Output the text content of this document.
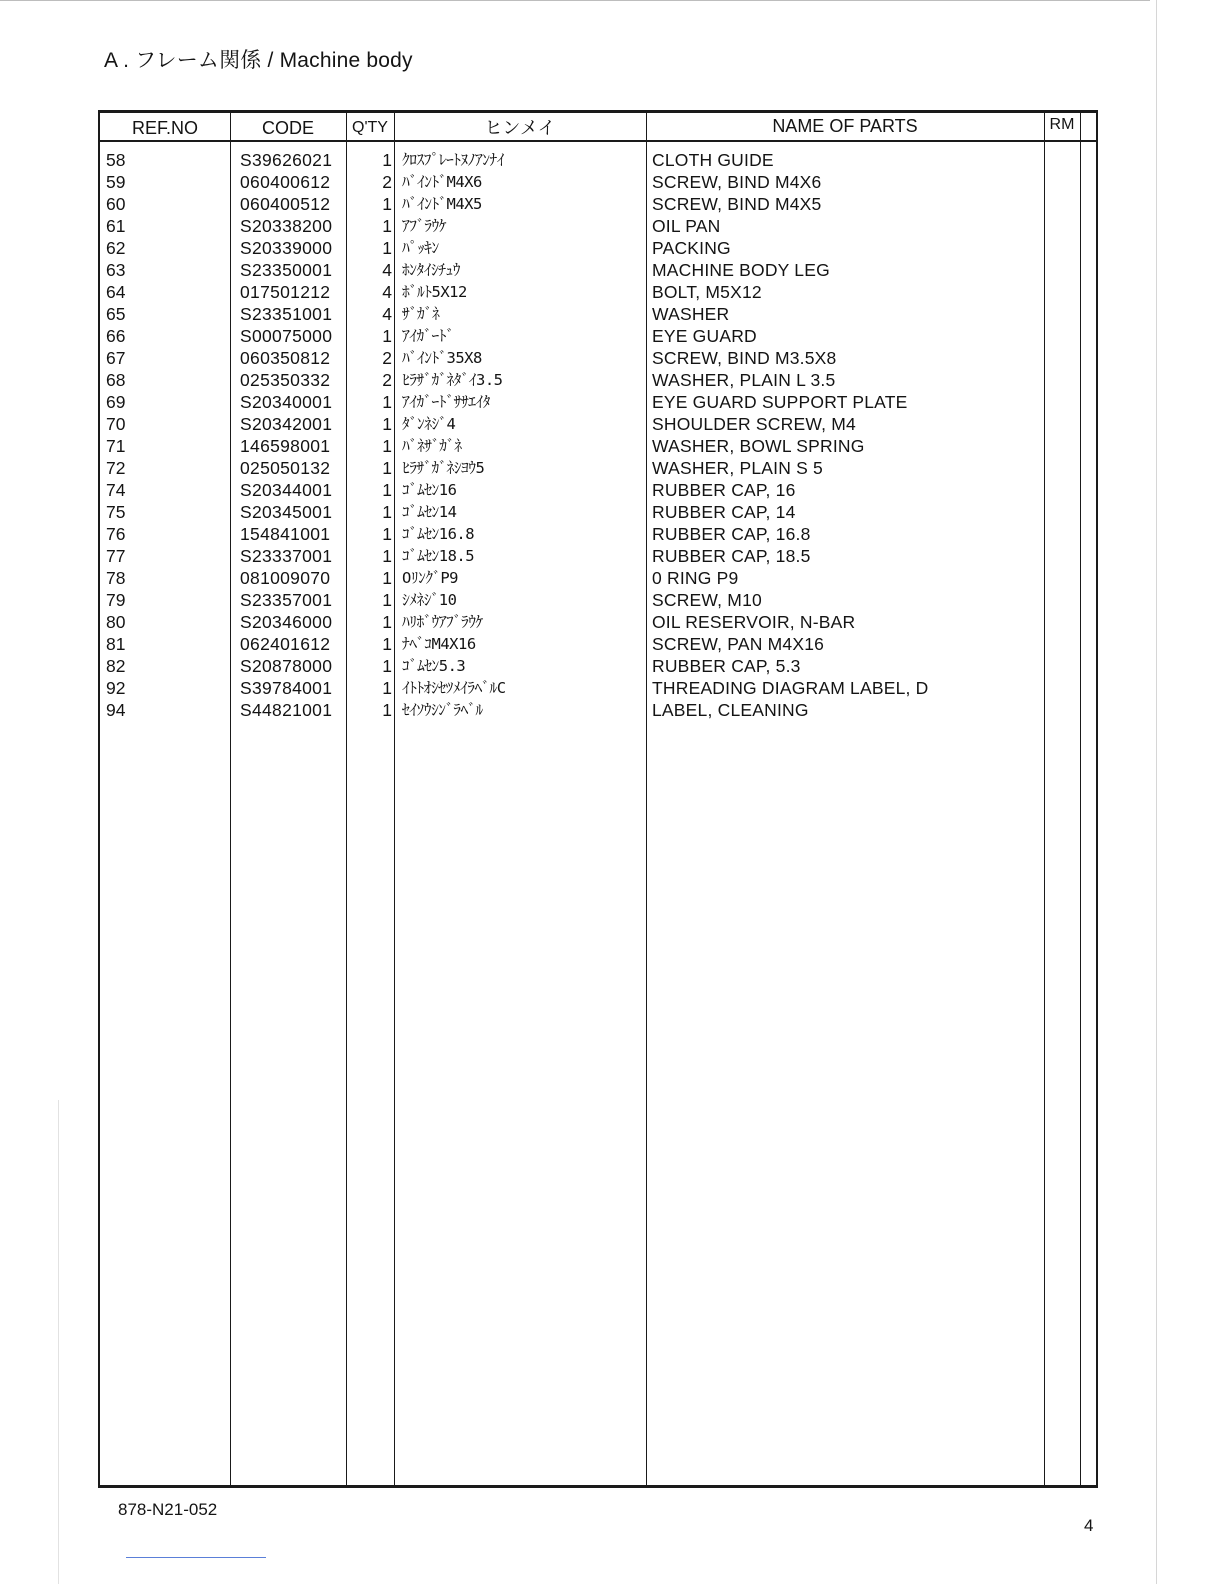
A . フレーム関係 / Machine body
REF.NO	CODE	Q'TY	ヒンメイ	NAME OF PARTS	RM
58	S39626021	1 ｸﾛｽﾌﾟﾚｰﾄﾇﾉｱﾝﾅｲ	CLOTH GUIDE
59	060400612	2 ﾊﾞｲﾝﾄﾞM4X6	SCREW, BIND M4X6
60	060400512	1 ﾊﾞｲﾝﾄﾞM4X5	SCREW, BIND M4X5
61	S20338200	1 ｱﾌﾞﾗｳｹ	OIL PAN
62	S20339000	1 ﾊﾟｯｷﾝ	PACKING
63	S23350001	4 ﾎﾝﾀｲｼﾁｭｳ	MACHINE BODY LEG
64	017501212	4 ﾎﾞﾙﾄ5X12	BOLT, M5X12
65	S23351001	4 ｻﾞｶﾞﾈ	WASHER
66	S00075000	1 ｱｲｶﾞｰﾄﾞ	EYE GUARD
67	060350812	2 ﾊﾞｲﾝﾄﾞ35X8	SCREW, BIND M3.5X8
68	025350332	2 ﾋﾗｻﾞｶﾞﾈﾀﾞｲ3.5	WASHER, PLAIN L 3.5
69	S20340001	1 ｱｲｶﾞｰﾄﾞｻｻｴｲﾀ	EYE GUARD SUPPORT PLATE
70	S20342001	1 ﾀﾞﾝﾈｼﾞ4	SHOULDER SCREW, M4
71	146598001	1 ﾊﾞﾈｻﾞｶﾞﾈ	WASHER, BOWL SPRING
72	025050132	1 ﾋﾗｻﾞｶﾞﾈｼﾖｳ5	WASHER, PLAIN S 5
74	S20344001	1 ｺﾞﾑｾﾝ16	RUBBER CAP, 16
75	S20345001	1 ｺﾞﾑｾﾝ14	RUBBER CAP, 14
76	154841001	1 ｺﾞﾑｾﾝ16.8	RUBBER CAP, 16.8
77	S23337001	1 ｺﾞﾑｾﾝ18.5	RUBBER CAP, 18.5
78	081009070	1 OﾘﾝｸﾞP9	0 RING P9
79	S23357001	1 ｼﾒﾈｼﾞ10	SCREW, M10
80	S20346000	1 ﾊﾘﾎﾞｳｱﾌﾞﾗｳｹ	OIL RESERVOIR, N-BAR
81	062401612	1 ﾅﾍﾞｺM4X16	SCREW, PAN M4X16
82	S20878000	1 ｺﾞﾑｾﾝ5.3	RUBBER CAP, 5.3
92	S39784001	1 ｲﾄﾄｵｼｾﾂﾒｲﾗﾍﾞﾙC	THREADING DIAGRAM LABEL, D
94	S44821001	1 ｾｲｿｳｼﾝﾞﾗﾍﾞﾙ	LABEL, CLEANING
878-N21-052
4
